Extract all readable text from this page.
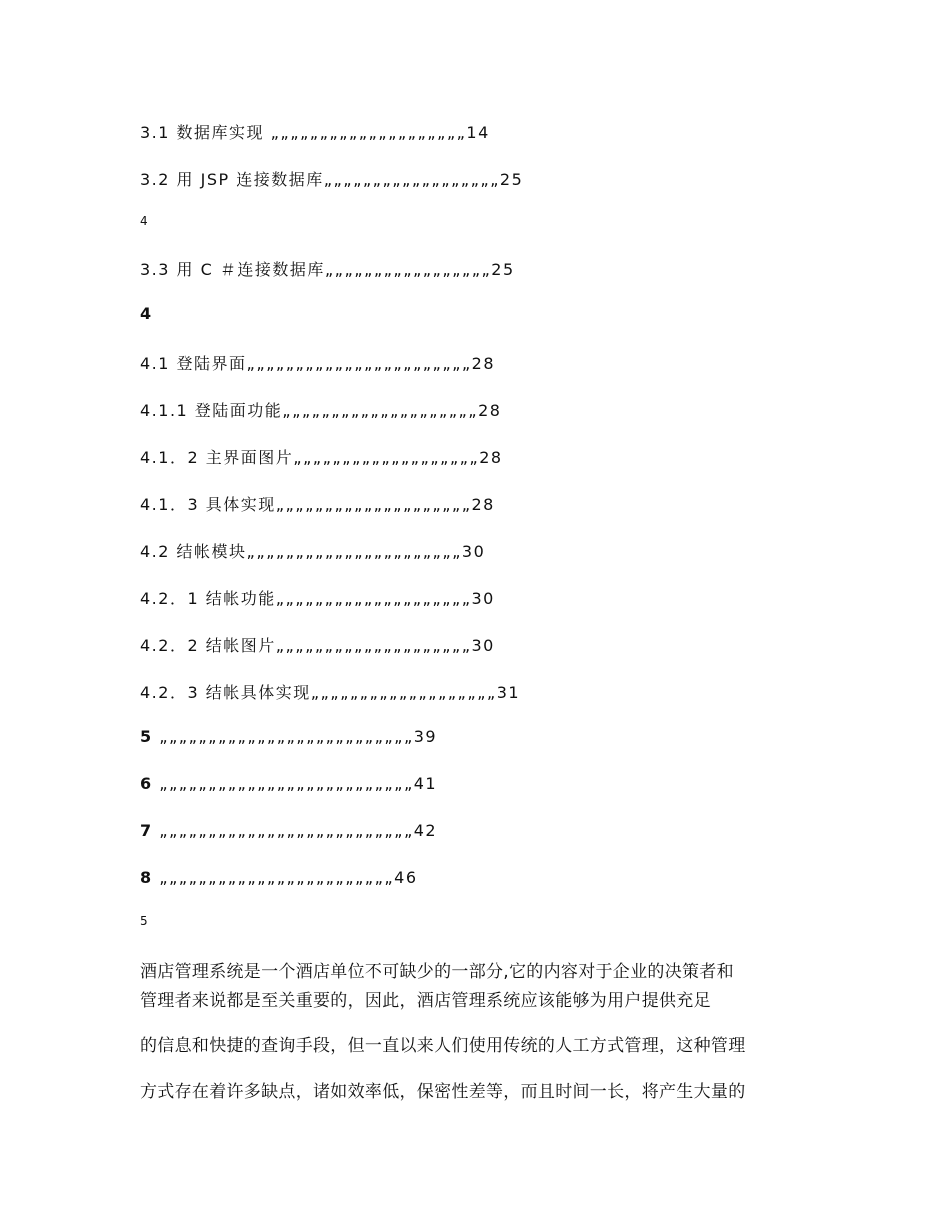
3.1 数据库实现 „„„„„„„„„„„„„„„„„„„„14
3.2 用 JSP 连接数据库„„„„„„„„„„„„„„„„„„25
4
3.3 用 C ＃连接数据库„„„„„„„„„„„„„„„„„25
4
4.1 登陆界面„„„„„„„„„„„„„„„„„„„„„„„28
4.1.1 登陆面功能„„„„„„„„„„„„„„„„„„„„28
4.1．2 主界面图片„„„„„„„„„„„„„„„„„„„28
4.1．3 具体实现„„„„„„„„„„„„„„„„„„„„28
4.2 结帐模块„„„„„„„„„„„„„„„„„„„„„„30
4.2．1 结帐功能„„„„„„„„„„„„„„„„„„„„30
4.2．2 结帐图片„„„„„„„„„„„„„„„„„„„„30
4.2．3 结帐具体实现„„„„„„„„„„„„„„„„„„„31
5 „„„„„„„„„„„„„„„„„„„„„„„„„„39
6 „„„„„„„„„„„„„„„„„„„„„„„„„„41
7 „„„„„„„„„„„„„„„„„„„„„„„„„„42
8 „„„„„„„„„„„„„„„„„„„„„„„„46
5
酒店管理系统是一个酒店单位不可缺少的一部分,它的内容对于企业的决策者和
管理者来说都是至关重要的，因此，酒店管理系统应该能够为用户提供充足
的信息和快捷的查询手段，但一直以来人们使用传统的人工方式管理，这种管理
方式存在着许多缺点，诸如效率低，保密性差等，而且时间一长，将产生大量的
